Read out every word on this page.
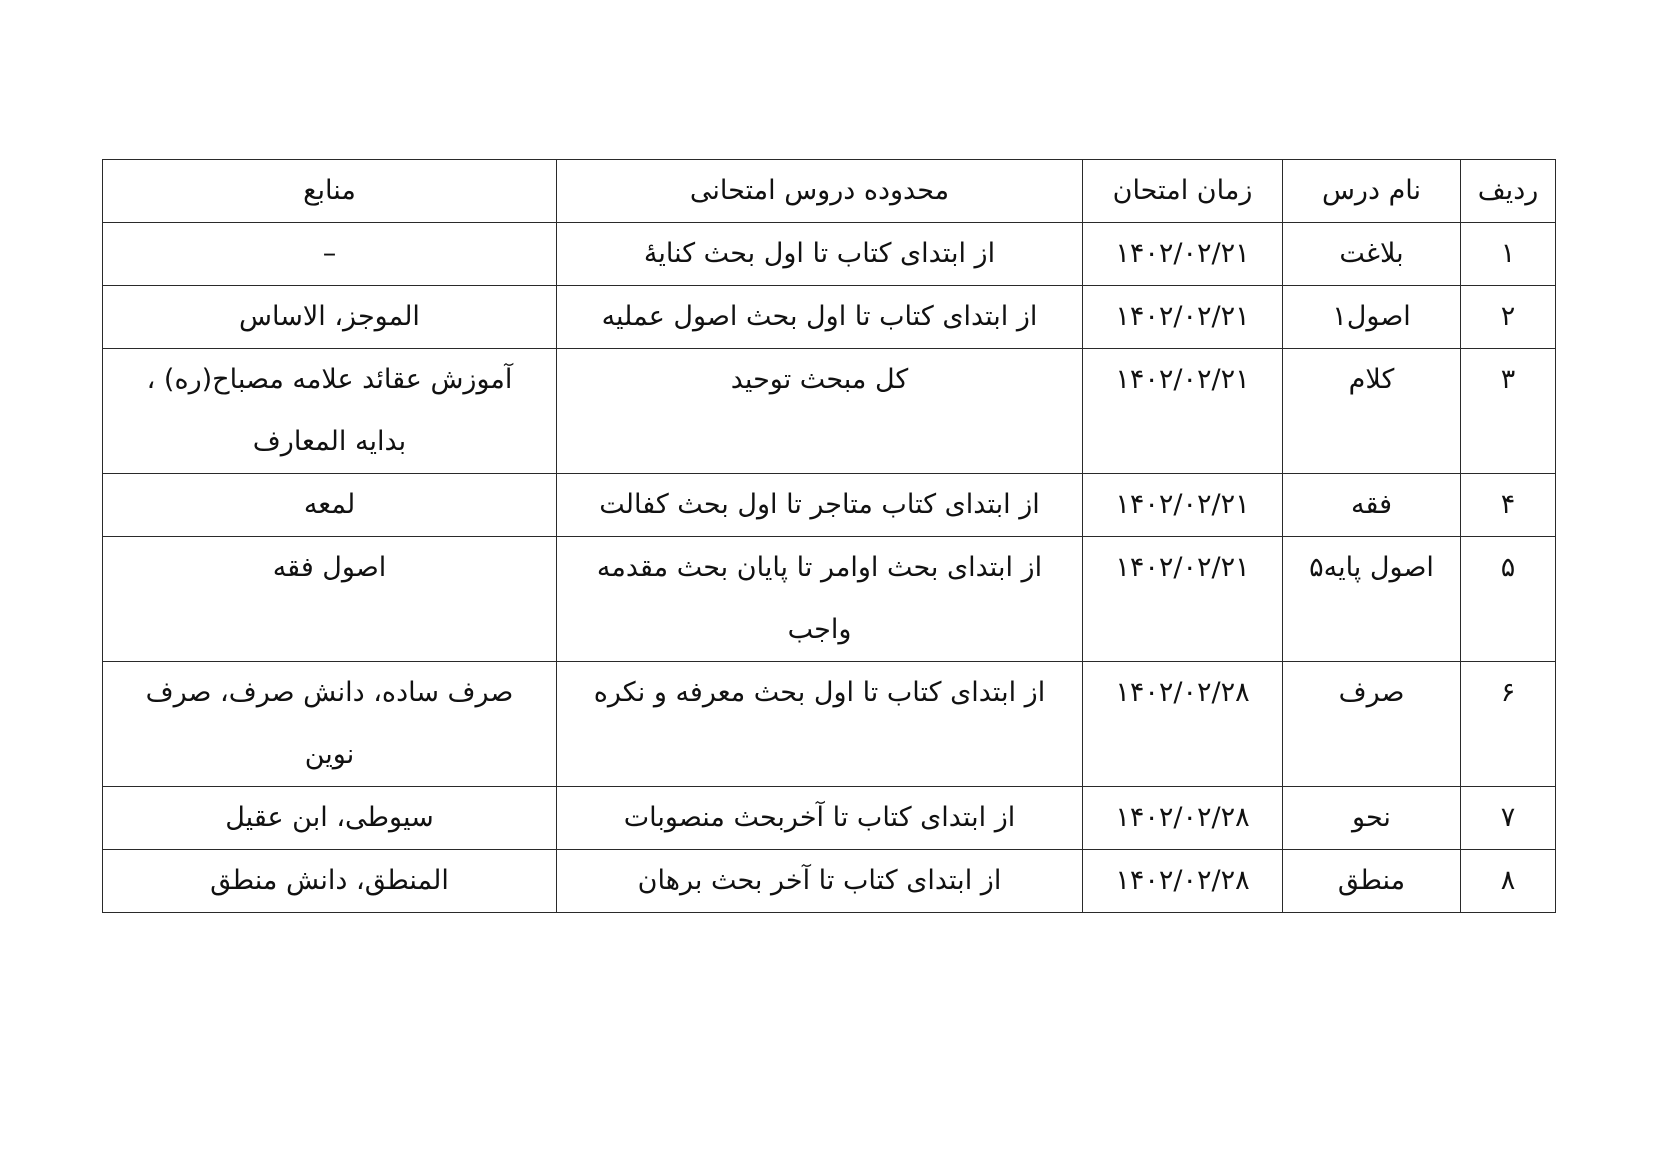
ردیف	نام درس	زمان امتحان	محدوده دروس امتحانی	منابع
۱	بلاغت	۱۴۰۲/۰۲/۲۱	از ابتدای کتاب تا اول بحث کنایهٔ	–
۲	اصول۱	۱۴۰۲/۰۲/۲۱	از ابتدای کتاب تا اول بحث اصول عملیه	الموجز، الاساس
۳	کلام	۱۴۰۲/۰۲/۲۱	کل مبحث توحید	آموزش عقائد علامه مصباح(ره) ، بدایه المعارف
۴	فقه	۱۴۰۲/۰۲/۲۱	از ابتدای کتاب متاجر تا اول بحث کفالت	لمعه
۵	اصول پایه۵	۱۴۰۲/۰۲/۲۱	از ابتدای بحث اوامر تا پایان بحث مقدمه واجب	اصول فقه
۶	صرف	۱۴۰۲/۰۲/۲۸	از ابتدای کتاب تا اول بحث معرفه و نکره	صرف ساده، دانش صرف، صرف نوین
۷	نحو	۱۴۰۲/۰۲/۲۸	از ابتدای کتاب تا آخربحث منصوبات	سیوطی، ابن عقیل
۸	منطق	۱۴۰۲/۰۲/۲۸	از ابتدای کتاب تا آخر بحث برهان	المنطق، دانش منطق
